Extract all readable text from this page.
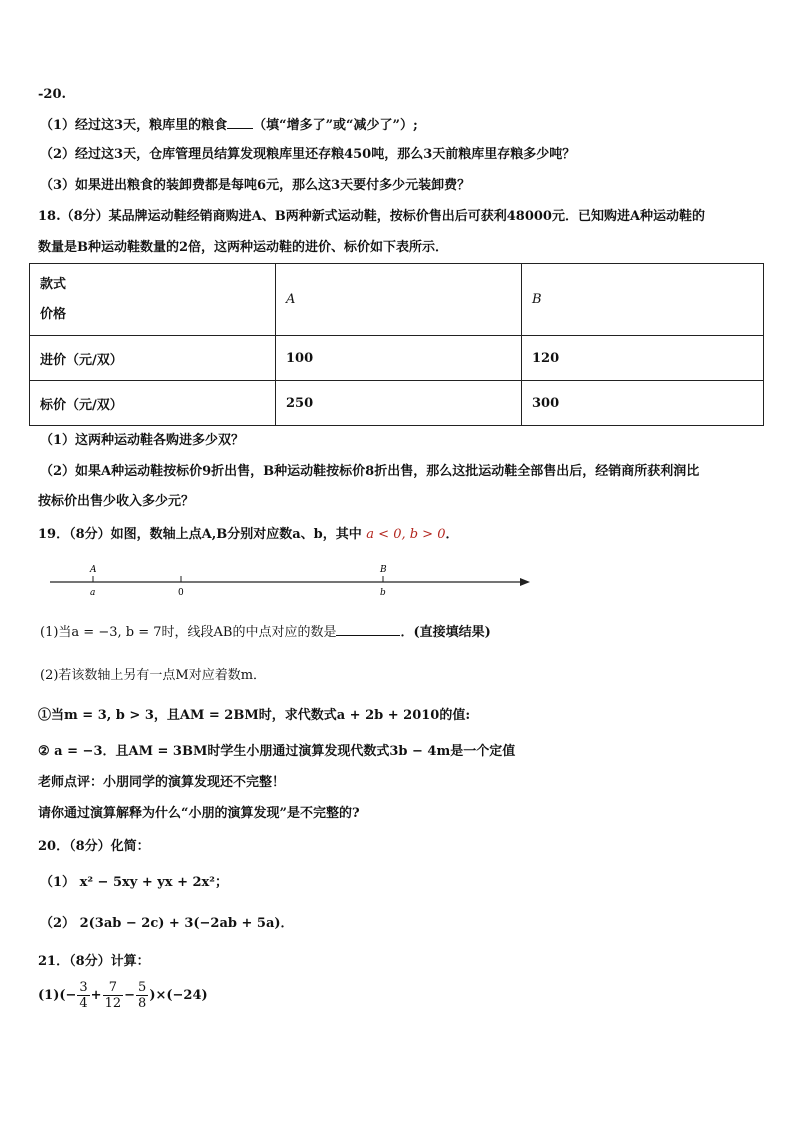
-20.
（1）经过这3天，粮库里的粮食 （填“增多了”或“减少了”）;
（2）经过这3天，仓库管理员结算发现粮库里还存粮450吨，那么3天前粮库里存粮多少吨？
（3）如果进出粮食的装卸费都是每吨6元，那么这3天要付多少元装卸费？
18.（8分）某品牌运动鞋经销商购进A、B两种新式运动鞋，按标价售出后可获利48000元．已知购进A种运动鞋的
数量是B种运动鞋数量的2倍，这两种运动鞋的进价、标价如下表所示．
款式
价格	A	B
进价（元/双）	100	120
标价（元/双）	250	300
（1）这两种运动鞋各购进多少双？
（2）如果A种运动鞋按标价9折出售，B种运动鞋按标价8折出售，那么这批运动鞋全部售出后，经销商所获利润比
按标价出售少收入多少元？
19．（8分）如图，数轴上点A,B分别对应数a、b，其中 a < 0, b > 0．
A	B
a	0	b
(1)当a = −3, b = 7时，线段AB的中点对应的数是	．(直接填结果)
(2)若该数轴上另有一点M对应着数m．
①当m = 3, b > 3，且AM = 2BM时，求代数式a + 2b + 2010的值:
② a = −3．且AM = 3BM时学生小朋通过演算发现代数式3b − 4m是一个定值
老师点评：小朋同学的演算发现还不完整！
请你通过演算解释为什么“小朋的演算发现”是不完整的?
20．（8分）化简：
（1） x² − 5xy + yx + 2x²；
（2） 2(3ab − 2c) + 3(−2ab + 5a)．
21．（8分）计算：
$(1)(- \frac{3}{4} + \frac{7}{12} - \frac{5}{8} )\times(-24)$
